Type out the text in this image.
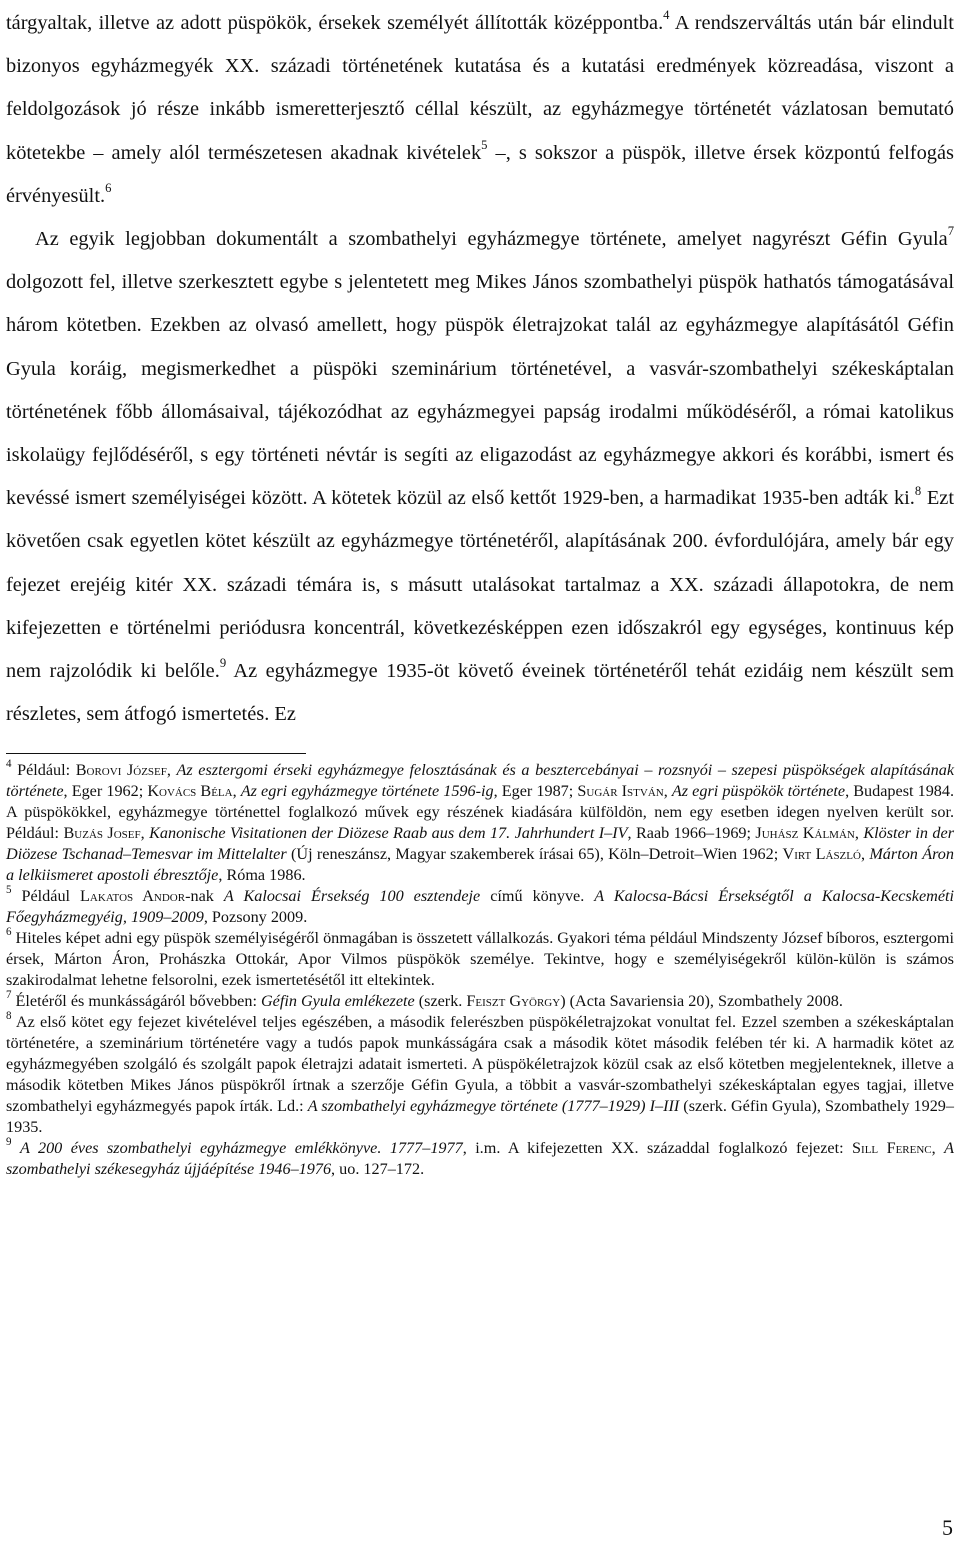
tárgyaltak, illetve az adott püspökök, érsekek személyét állították középpontba.$^4$ A rendszerváltás után bár elindult bizonyos egyházmegyék XX. századi történetének kutatása és a kutatási eredmények közreadása, viszont a feldolgozások jó része inkább ismeretterjesztő céllal készült, az egyházmegye történetét vázlatosan bemutató kötetekbe – amely alól természetesen akadnak kivételek$^5$ –, s sokszor a püspök, illetve érsek központú felfogás érvényesült.$^6$

Az egyik legjobban dokumentált a szombathelyi egyházmegye története, amelyet nagyrészt Géfin Gyula$^7$ dolgozott fel, illetve szerkesztett egybe s jelentetett meg Mikes János szombathelyi püspök hathatós támogatásával három kötetben. Ezekben az olvasó amellett, hogy püspök életrajzokat talál az egyházmegye alapításától Géfin Gyula koráig, megismerkedhet a püspöki szeminárium történetével, a vasvár-szombathelyi székeskáptalan történetének főbb állomásaival, tájékozódhat az egyházmegyei papság irodalmi működéséről, a római katolikus iskolaügy fejlődéséről, s egy történeti névtár is segíti az eligazodást az egyházmegye akkori és korábbi, ismert és kevéssé ismert személyiségei között. A kötetek közül az első kettőt 1929-ben, a harmadikat 1935-ben adták ki.$^8$ Ezt követően csak egyetlen kötet készült az egyházmegye történetéről, alapításának 200. évfordulójára, amely bár egy fejezet erejéig kitér XX. századi témára is, s másutt utalásokat tartalmaz a XX. századi állapotokra, de nem kifejezetten e történelmi periódusra koncentrál, következésképpen ezen időszakról egy egységes, kontinuus kép nem rajzolódik ki belőle.$^9$ Az egyházmegye 1935-öt követő éveinek történetéről tehát ezidáig nem készült sem részletes, sem átfogó ismertetés. Ez

$^4$ Például: Borovi József, Az esztergomi érseki egyházmegye felosztásának és a besztercebányai – rozsnyói – szepesi püspökségek alapításának története, Eger 1962; Kovács Béla, Az egri egyházmegye története 1596-ig, Eger 1987; Sugár István, Az egri püspökök története, Budapest 1984. A püspökökkel, egyházmegye történettel foglalkozó művek egy részének kiadására külföldön, nem egy esetben idegen nyelven került sor. Például: Buzás Josef, Kanonische Visitationen der Diözese Raab aus dem 17. Jahrhundert I–IV, Raab 1966–1969; Juhász Kálmán, Klöster in der Diözese Tschanad–Temesvar im Mittelalter (Új reneszánsz, Magyar szakemberek írásai 65), Köln–Detroit–Wien 1962; Virt László, Márton Áron a lelkiismeret apostoli ébresztője, Róma 1986.

$^5$ Például Lakatos Andor-nak A Kalocsai Érsekség 100 esztendeje című könyve. A Kalocsa-Bácsi Érsekségtől a Kalocsa-Kecskeméti Főegyházmegyéig, 1909–2009, Pozsony 2009.

$^6$ Hiteles képet adni egy püspök személyiségéről önmagában is összetett vállalkozás. Gyakori téma például Mindszenty József bíboros, esztergomi érsek, Márton Áron, Prohászka Ottokár, Apor Vilmos püspökök személye. Tekintve, hogy e személyiségekről külön-külön is számos szakirodalmat lehetne felsorolni, ezek ismertetésétől itt eltekintek.

$^7$ Életéről és munkásságáról bővebben: Géfin Gyula emlékezete (szerk. Feiszt György) (Acta Savariensia 20), Szombathely 2008.

$^8$ Az első kötet egy fejezet kivételével teljes egészében, a második felerészben püspökéletrajzokat vonultat fel. Ezzel szemben a székeskáptalan történetére, a szeminárium történetére vagy a tudós papok munkásságára csak a második kötet második felében tér ki. A harmadik kötet az egyházmegyében szolgáló és szolgált papok életrajzi adatait ismerteti. A püspökéletrajzok közül csak az első kötetben megjelenteknek, illetve a második kötetben Mikes János püspökről írtnak a szerzője Géfin Gyula, a többit a vasvár-szombathelyi székeskáptalan egyes tagjai, illetve szombathelyi egyházmegyés papok írták. Ld.: A szombathelyi egyházmegye története (1777–1929) I–III (szerk. Géfin Gyula), Szombathely 1929–1935.

$^9$ A 200 éves szombathelyi egyházmegye emlékkönyve. 1777–1977, i.m. A kifejezetten XX. századdal foglalkozó fejezet: Sill Ferenc, A szombathelyi székesegyház újjáépítése 1946–1976, uo. 127–172.

5
